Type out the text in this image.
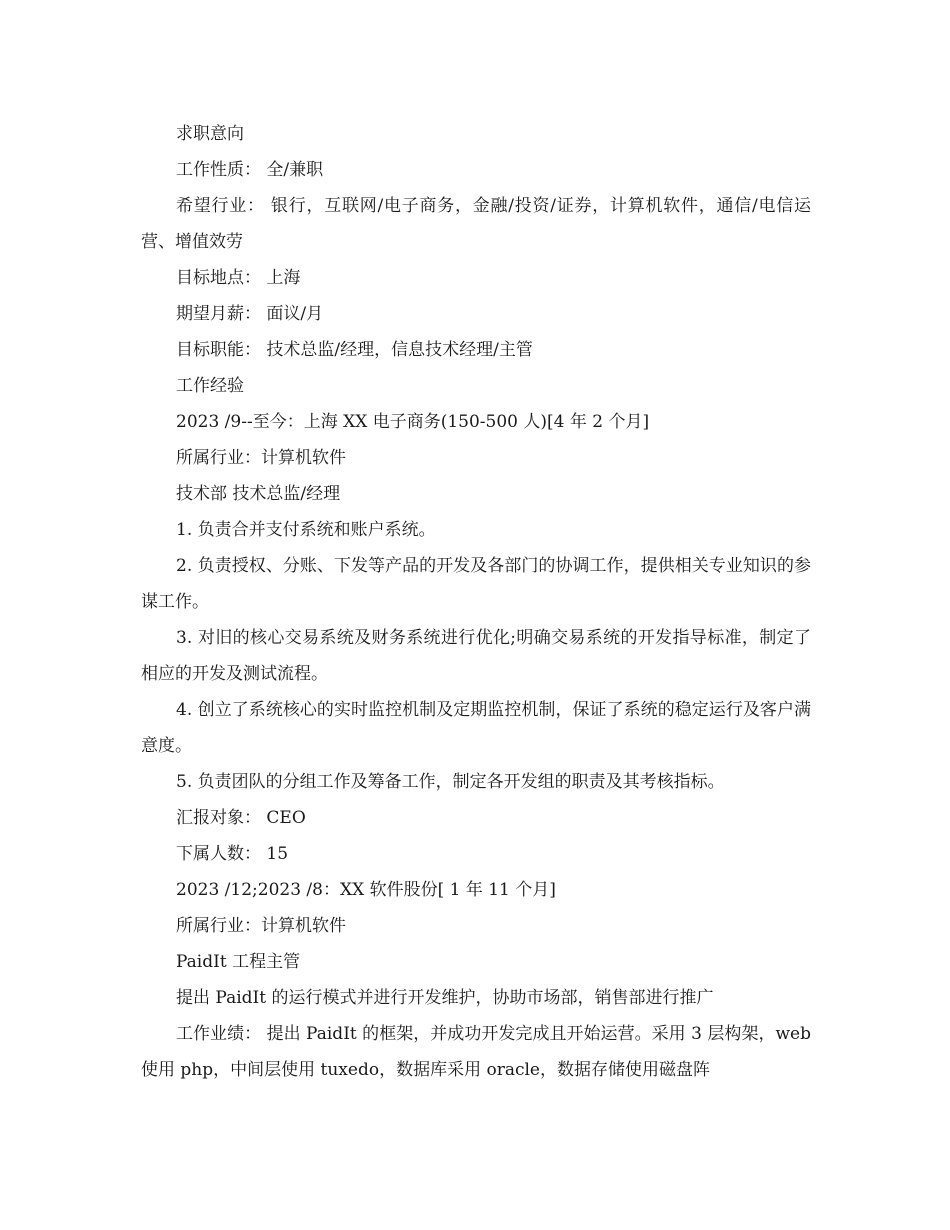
求职意向

工作性质： 全/兼职

希望行业： 银行，互联网/电子商务，金融/投资/证券，计算机软件，通信/电信运营、增值效劳

目标地点： 上海

期望月薪： 面议/月

目标职能： 技术总监/经理，信息技术经理/主管

工作经验

2023 /9--至今：上海 XX 电子商务(150-500 人)[4 年 2 个月]

所属行业：计算机软件

技术部 技术总监/经理

1. 负责合并支付系统和账户系统。

2. 负责授权、分账、下发等产品的开发及各部门的协调工作，提供相关专业知识的参谋工作。

3. 对旧的核心交易系统及财务系统进行优化;明确交易系统的开发指导标准，制定了相应的开发及测试流程。

4. 创立了系统核心的实时监控机制及定期监控机制，保证了系统的稳定运行及客户满意度。

5. 负责团队的分组工作及筹备工作，制定各开发组的职责及其考核指标。

汇报对象： CEO

下属人数： 15

2023 /12;2023 /8：XX 软件股份[ 1 年 11 个月]

所属行业：计算机软件

PaidIt 工程主管

提出 PaidIt 的运行模式并进行开发维护，协助市场部，销售部进行推广

工作业绩： 提出 PaidIt 的框架，并成功开发完成且开始运营。采用 3 层构架，web 使用 php，中间层使用 tuxedo，数据库采用 oracle，数据存储使用磁盘阵
